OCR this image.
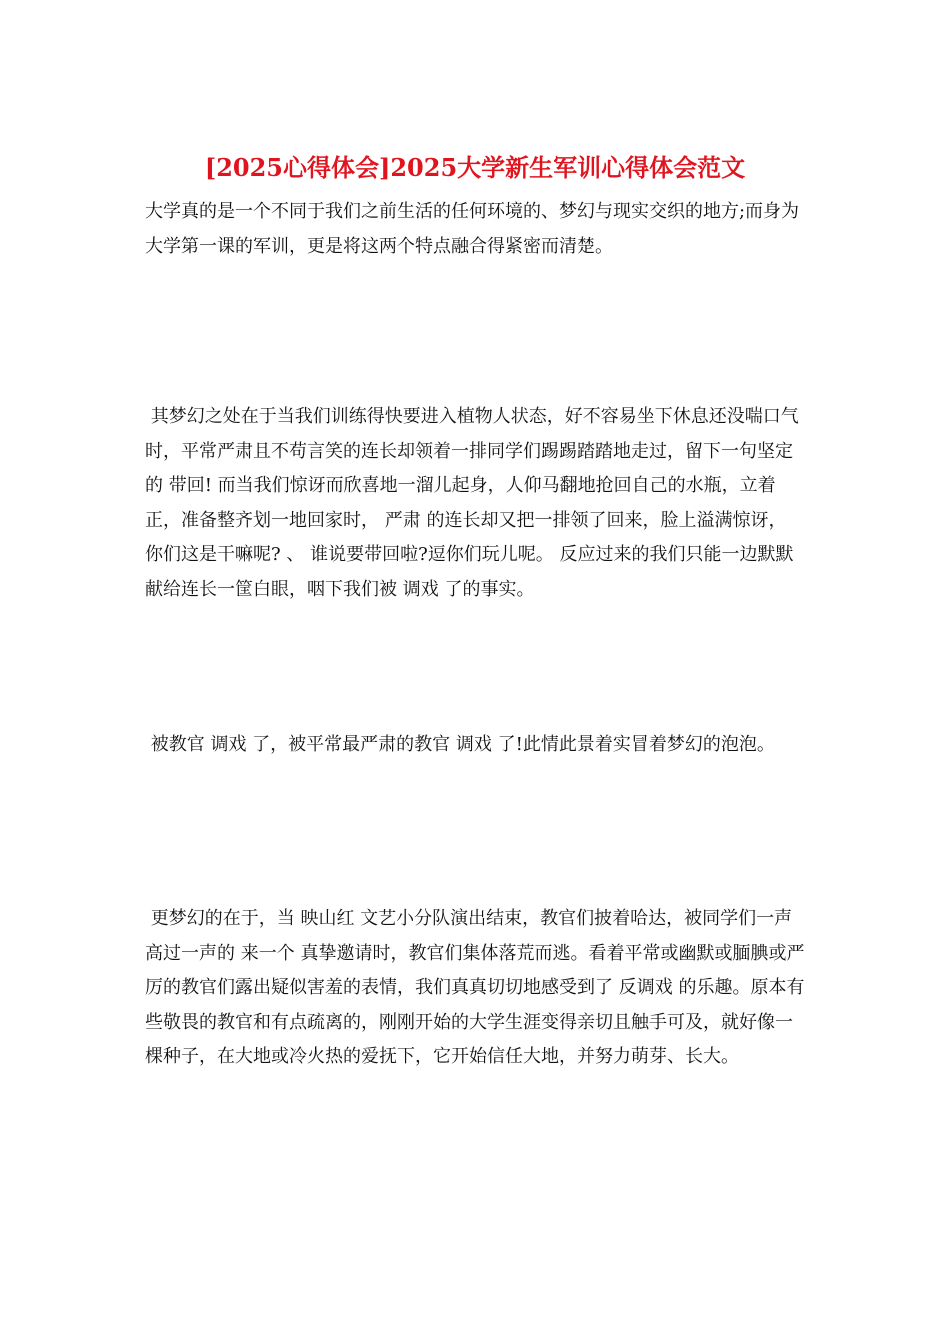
[2025心得体会]2025大学新生军训心得体会范文

大学真的是一个不同于我们之前生活的任何环境的、梦幻与现实交织的地方;而身为大学第一课的军训，更是将这两个特点融合得紧密而清楚。

其梦幻之处在于当我们训练得快要进入植物人状态，好不容易坐下休息还没喘口气时，平常严肃且不苟言笑的连长却领着一排同学们踢踢踏踏地走过，留下一句坚定的 带回! 而当我们惊讶而欣喜地一溜儿起身，人仰马翻地抢回自己的水瓶，立着正，准备整齐划一地回家时， 严肃 的连长却又把一排领了回来，脸上溢满惊讶， 你们这是干嘛呢? 、 谁说要带回啦?逗你们玩儿呢。 反应过来的我们只能一边默默献给连长一筐白眼，咽下我们被 调戏 了的事实。

被教官 调戏 了，被平常最严肃的教官 调戏 了!此情此景着实冒着梦幻的泡泡。

更梦幻的在于，当 映山红 文艺小分队演出结束，教官们披着哈达，被同学们一声高过一声的 来一个 真挚邀请时，教官们集体落荒而逃。看着平常或幽默或腼腆或严厉的教官们露出疑似害羞的表情，我们真真切切地感受到了 反调戏 的乐趣。原本有些敬畏的教官和有点疏离的，刚刚开始的大学生涯变得亲切且触手可及，就好像一棵种子，在大地或冷火热的爱抚下，它开始信任大地，并努力萌芽、长大。
